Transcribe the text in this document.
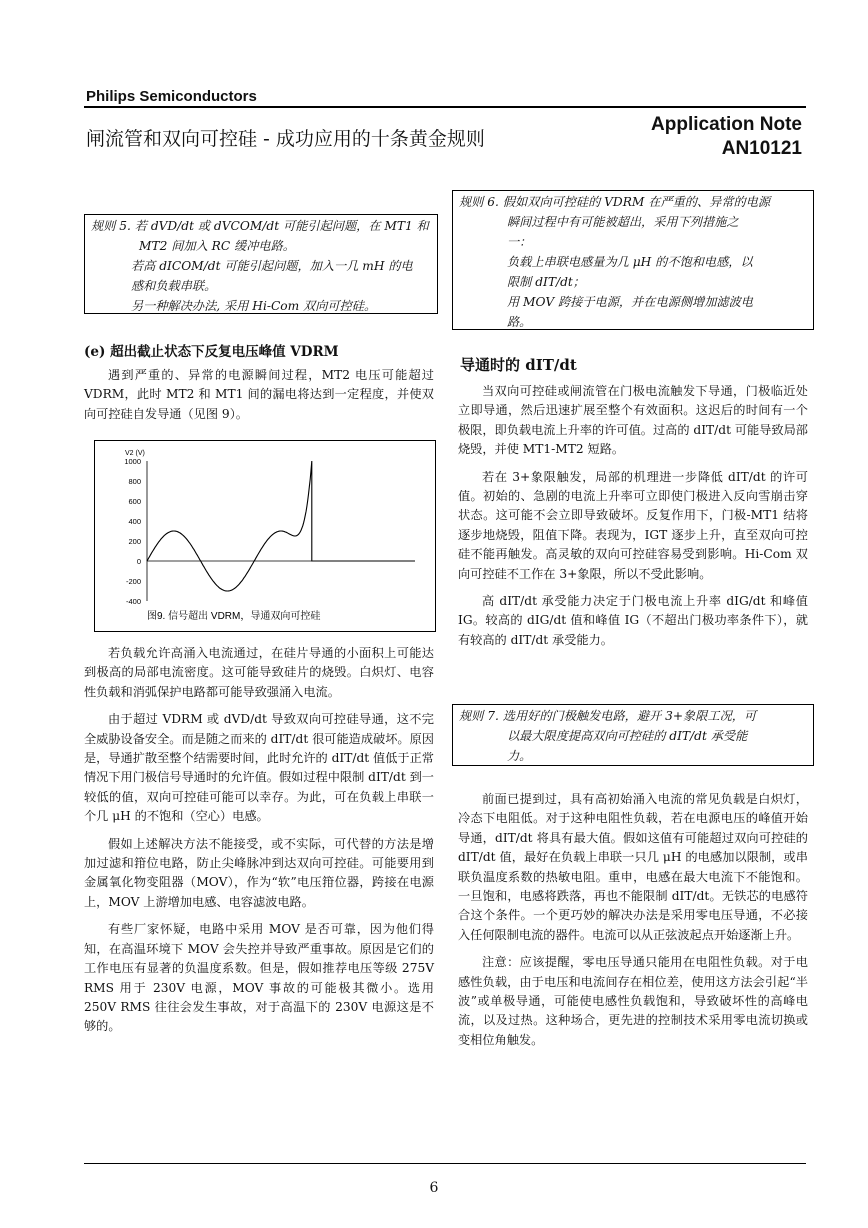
Philips Semiconductors
闸流管和双向可控硅 - 成功应用的十条黄金规则
Application Note
AN10121
规则 5. 若 dVD/dt 或 dVCOM/dt 可能引起问题，在 MT1 和
MT2 间加入 RC 缓冲电路。
若高 dICOM/dt 可能引起问题，加入一几 mH 的电
感和负载串联。
另一种解决办法, 采用 Hi-Com 双向可控硅。
(e) 超出截止状态下反复电压峰值 VDRM

遇到严重的、异常的电源瞬间过程，MT2 电压可能超过 VDRM，此时 MT2 和 MT1 间的漏电将达到一定程度，并使双向可控硅自发导通（见图 9）。

V2 (V)
1000
800
600
400
200
0
-200
-400
图9. 信号超出 VDRM，导通双向可控硅

若负载允许高涌入电流通过，在硅片导通的小面积上可能达到极高的局部电流密度。这可能导致硅片的烧毁。白炽灯、电容性负载和消弧保护电路都可能导致强涌入电流。

由于超过 VDRM 或 dVD/dt 导致双向可控硅导通，这不完全威胁设备安全。而是随之而来的 dIT/dt 很可能造成破坏。原因是，导通扩散至整个结需要时间，此时允许的 dIT/dt 值低于正常情况下用门极信号导通时的允许值。假如过程中限制 dIT/dt 到一较低的值，双向可控硅可能可以幸存。为此，可在负载上串联一个几 μH 的不饱和（空心）电感。

假如上述解决方法不能接受，或不实际，可代替的方法是增加过滤和箝位电路，防止尖峰脉冲到达双向可控硅。可能要用到金属氧化物变阻器（MOV），作为“软”电压箝位器，跨接在电源上，MOV 上游增加电感、电容滤波电路。

有些厂家怀疑，电路中采用 MOV 是否可靠，因为他们得知，在高温环境下 MOV 会失控并导致严重事故。原因是它们的工作电压有显著的负温度系数。但是，假如推荐电压等级 275V RMS 用于 230V 电源，MOV 事故的可能极其微小。选用 250V RMS 往往会发生事故，对于高温下的 230V 电源这是不够的。

规则 6. 假如双向可控硅的 VDRM 在严重的、异常的电源
瞬间过程中有可能被超出，采用下列措施之
一：
负载上串联电感量为几 μH 的不饱和电感，以
限制 dIT/dt；
用 MOV 跨接于电源，并在电源侧增加滤波电
路。
导通时的 dIT/dt

当双向可控硅或闸流管在门极电流触发下导通，门极临近处立即导通，然后迅速扩展至整个有效面积。这迟后的时间有一个极限，即负载电流上升率的许可值。过高的 dIT/dt 可能导致局部烧毁，并使 MT1-MT2 短路。

若在 3+象限触发，局部的机理进一步降低 dIT/dt 的许可值。初始的、急剧的电流上升率可立即使门极进入反向雪崩击穿状态。这可能不会立即导致破坏。反复作用下，门极-MT1 结将逐步地烧毁，阻值下降。表现为，IGT 逐步上升，直至双向可控硅不能再触发。高灵敏的双向可控硅容易受到影响。Hi-Com 双向可控硅不工作在 3+象限，所以不受此影响。

高 dIT/dt 承受能力决定于门极电流上升率 dIG/dt 和峰值 IG。较高的 dIG/dt 值和峰值 IG（不超出门极功率条件下），就有较高的 dIT/dt 承受能力。

规则 7. 选用好的门极触发电路，避开 3+象限工况，可
以最大限度提高双向可控硅的 dIT/dt 承受能
力。

前面已提到过，具有高初始涌入电流的常见负载是白炽灯，冷态下电阻低。对于这种电阻性负载，若在电源电压的峰值开始导通，dIT/dt 将具有最大值。假如这值有可能超过双向可控硅的 dIT/dt 值，最好在负载上串联一只几 μH 的电感加以限制，或串联负温度系数的热敏电阻。重申，电感在最大电流下不能饱和。一旦饱和，电感将跌落，再也不能限制 dIT/dt。无铁芯的电感符合这个条件。一个更巧妙的解决办法是采用零电压导通，不必接入任何限制电流的器件。电流可以从正弦波起点开始逐渐上升。

注意：应该提醒，零电压导通只能用在电阻性负载。对于电感性负载，由于电压和电流间存在相位差，使用这方法会引起“半波”或单极导通，可能使电感性负载饱和，导致破坏性的高峰电流，以及过热。这种场合，更先进的控制技术采用零电流切换或变相位角触发。

6
